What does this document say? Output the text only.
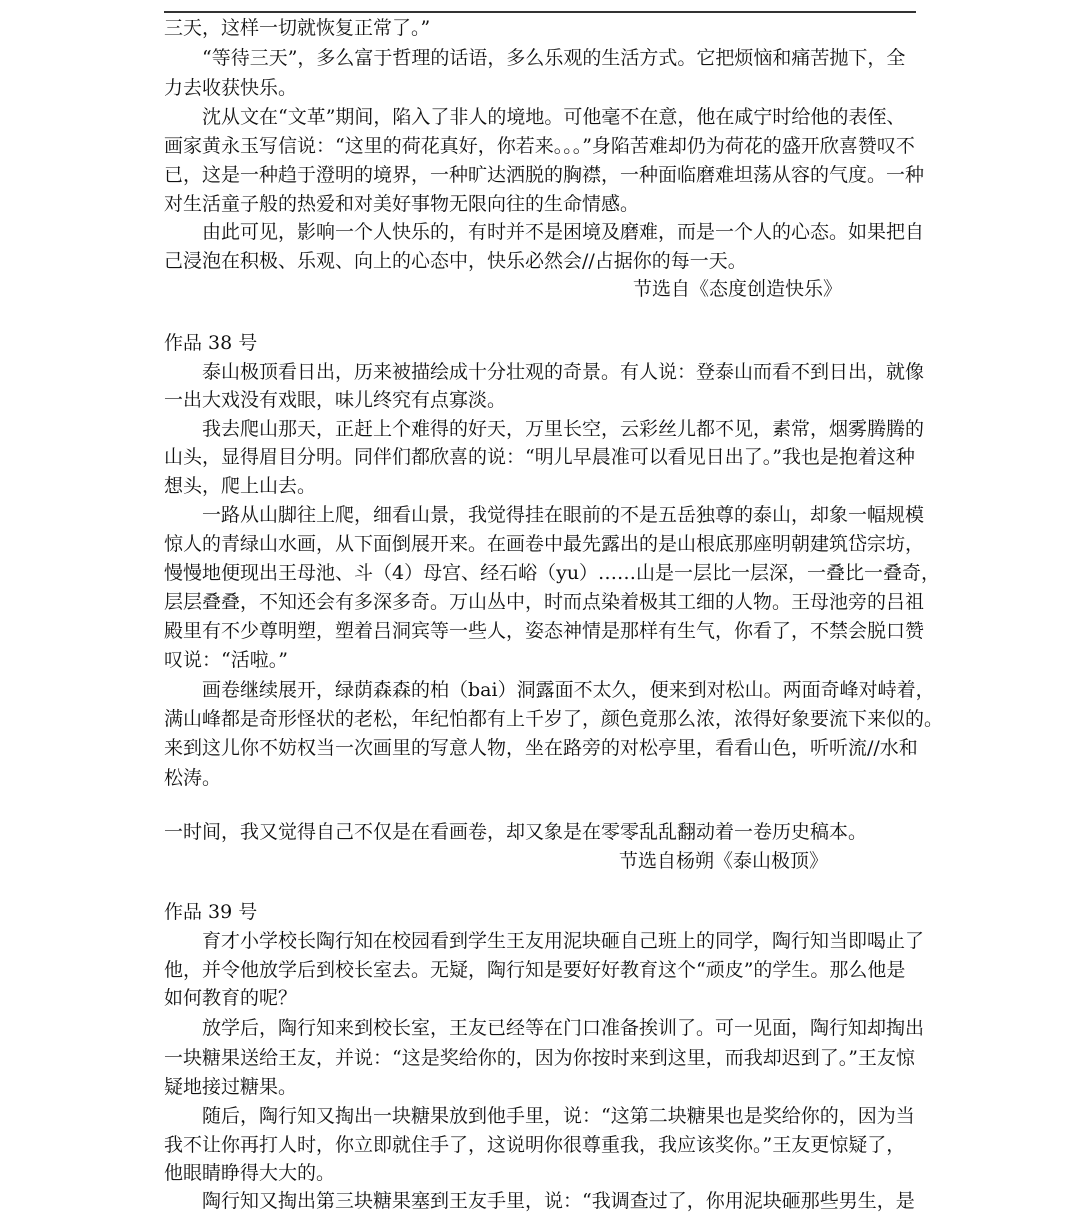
三天，这样一切就恢复正常了。”
“等待三天”，多么富于哲理的话语，多么乐观的生活方式。它把烦恼和痛苦抛下，全
力去收获快乐。
沈从文在“文革”期间，陷入了非人的境地。可他毫不在意，他在咸宁时给他的表侄、
画家黄永玉写信说：“这里的荷花真好，你若来。。。”身陷苦难却仍为荷花的盛开欣喜赞叹不
已，这是一种趋于澄明的境界，一种旷达洒脱的胸襟，一种面临磨难坦荡从容的气度。一种
对生活童子般的热爱和对美好事物无限向往的生命情感。
由此可见，影响一个人快乐的，有时并不是困境及磨难，而是一个人的心态。如果把自
己浸泡在积极、乐观、向上的心态中，快乐必然会//占据你的每一天。
节选自《态度创造快乐》
作品 38 号
泰山极顶看日出，历来被描绘成十分壮观的奇景。有人说：登泰山而看不到日出，就像
一出大戏没有戏眼，味儿终究有点寡淡。
我去爬山那天，正赶上个难得的好天，万里长空，云彩丝儿都不见，素常，烟雾腾腾的
山头，显得眉目分明。同伴们都欣喜的说：“明儿早晨准可以看见日出了。”我也是抱着这种
想头，爬上山去。
一路从山脚往上爬，细看山景，我觉得挂在眼前的不是五岳独尊的泰山，却象一幅规模
惊人的青绿山水画，从下面倒展开来。在画卷中最先露出的是山根底那座明朝建筑岱宗坊，
慢慢地便现出王母池、斗（4）母宫、经石峪（yu）……山是一层比一层深，一叠比一叠奇，
层层叠叠，不知还会有多深多奇。万山丛中，时而点染着极其工细的人物。王母池旁的吕祖
殿里有不少尊明塑，塑着吕洞宾等一些人，姿态神情是那样有生气，你看了，不禁会脱口赞
叹说：“活啦。”
画卷继续展开，绿荫森森的柏（bai）洞露面不太久，便来到对松山。两面奇峰对峙着，
满山峰都是奇形怪状的老松，年纪怕都有上千岁了，颜色竟那么浓，浓得好象要流下来似的。
来到这儿你不妨权当一次画里的写意人物，坐在路旁的对松亭里，看看山色，听听流//水和
松涛。
一时间，我又觉得自己不仅是在看画卷，却又象是在零零乱乱翻动着一卷历史稿本。
节选自杨朔《泰山极顶》
作品 39 号
育才小学校长陶行知在校园看到学生王友用泥块砸自己班上的同学，陶行知当即喝止了
他，并令他放学后到校长室去。无疑，陶行知是要好好教育这个“顽皮”的学生。那么他是
如何教育的呢？
放学后，陶行知来到校长室，王友已经等在门口准备挨训了。可一见面，陶行知却掏出
一块糖果送给王友，并说：“这是奖给你的，因为你按时来到这里，而我却迟到了。”王友惊
疑地接过糖果。
随后，陶行知又掏出一块糖果放到他手里，说：“这第二块糖果也是奖给你的，因为当
我不让你再打人时，你立即就住手了，这说明你很尊重我，我应该奖你。”王友更惊疑了，
他眼睛睁得大大的。
陶行知又掏出第三块糖果塞到王友手里，说：“我调查过了，你用泥块砸那些男生，是
